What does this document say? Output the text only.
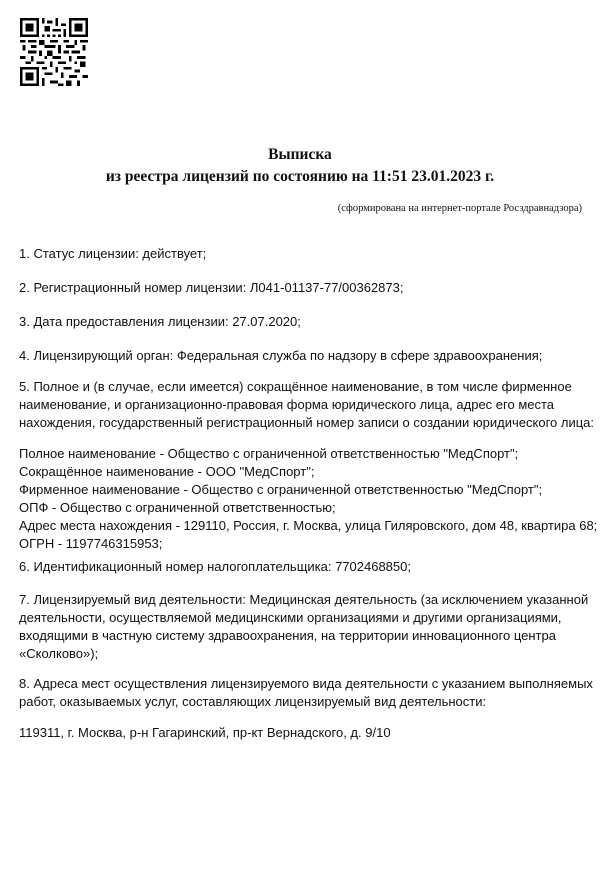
Выписка
из реестра лицензий по состоянию на 11:51 23.01.2023 г.
(сформирована на интернет-портале Росздравнадзора)
1. Статус лицензии: действует;
2. Регистрационный номер лицензии: Л041-01137-77/00362873;
3. Дата предоставления лицензии: 27.07.2020;
4. Лицензирующий орган: Федеральная служба по надзору в сфере здравоохранения;
5. Полное и (в случае, если имеется) сокращённое наименование, в том числе фирменное
наименование, и организационно-правовая форма юридического лица, адрес его места
нахождения, государственный регистрационный номер записи о создании юридического лица:
Полное наименование - Общество с ограниченной ответственностью "МедСпорт";
Сокращённое наименование - ООО "МедСпорт";
Фирменное наименование - Общество с ограниченной ответственностью "МедСпорт";
ОПФ - Общество с ограниченной ответственностью;
Адрес места нахождения - 129110, Россия, г. Москва, улица Гиляровского, дом 48, квартира 68;
ОГРН - 1197746315953;
6. Идентификационный номер налогоплательщика: 7702468850;
7. Лицензируемый вид деятельности: Медицинская деятельность (за исключением указанной
деятельности, осуществляемой медицинскими организациями и другими организациями,
входящими в частную систему здравоохранения, на территории инновационного центра
«Сколково»);
8. Адреса мест осуществления лицензируемого вида деятельности с указанием выполняемых
работ, оказываемых услуг, составляющих лицензируемый вид деятельности:
119311, г. Москва, р-н Гагаринский, пр-кт Вернадского, д. 9/10
